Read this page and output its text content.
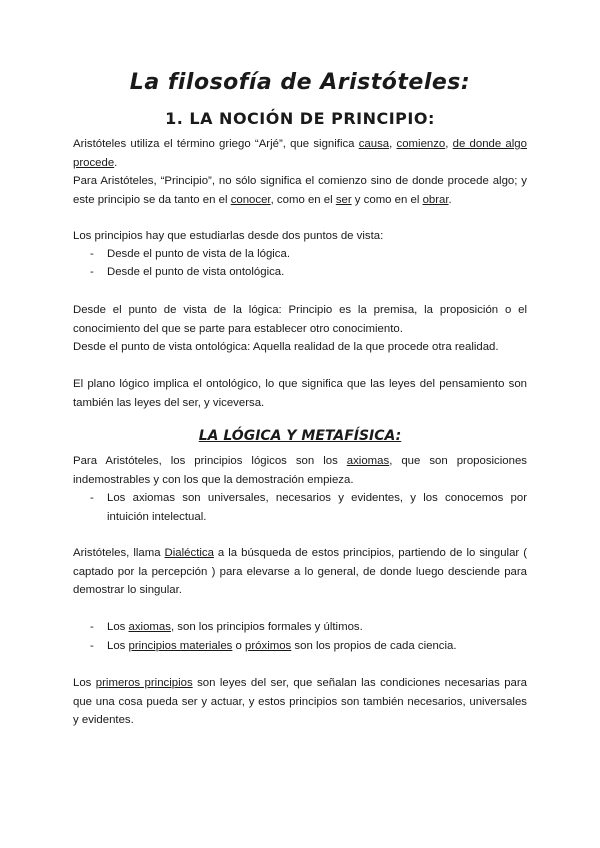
La filosofía de Aristóteles:
1. LA NOCIÓN DE PRINCIPIO:
Aristóteles utiliza el término griego “Arjé”, que significa causa, comienzo, de donde algo procede.
Para Aristóteles, “Principio”, no sólo significa el comienzo sino de donde procede algo; y este principio se da tanto en el conocer, como en el ser y como en el obrar.
Los principios hay que estudiarlas desde dos puntos de vista:
- Desde el punto de vista de la lógica.
- Desde el punto de vista ontológica.
Desde el punto de vista de la lógica: Principio es la premisa, la proposición o el conocimiento del que se parte para establecer otro conocimiento.
Desde el punto de vista ontológica: Aquella realidad de la que procede otra realidad.
El plano lógico implica el ontológico, lo que significa que las leyes del pensamiento son también las leyes del ser, y viceversa.
LA LÓGICA Y METAFÍSICA:
Para Aristóteles, los principios lógicos son los axiomas, que son proposiciones indemostrables y con los que la demostración empieza.
- Los axiomas son universales, necesarios y evidentes, y los conocemos por intuición intelectual.
Aristóteles, llama Dialéctica a la búsqueda de estos principios, partiendo de lo singular ( captado por la percepción ) para elevarse a lo general, de donde luego desciende para demostrar lo singular.
- Los axiomas, son los principios formales y últimos.
- Los principios materiales o próximos son los propios de cada ciencia.
Los primeros principios son leyes del ser, que señalan las condiciones necesarias para que una cosa pueda ser y actuar, y estos principios son también necesarios, universales y evidentes.
